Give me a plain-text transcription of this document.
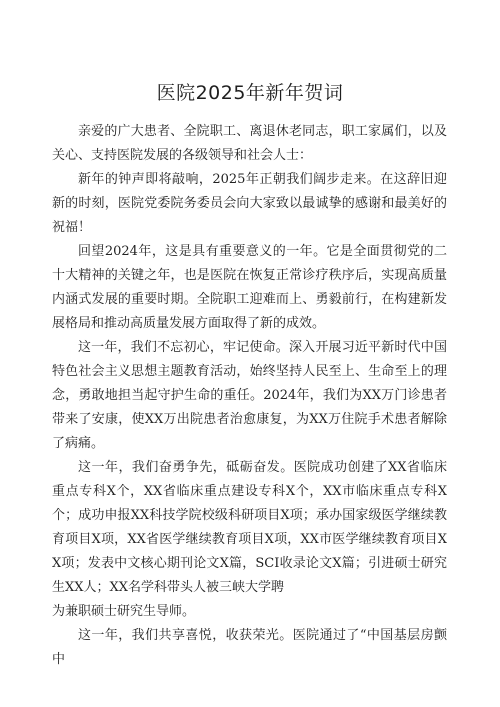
医院2025年新年贺词

亲爱的广大患者、全院职工、离退休老同志，职工家属们，以及关心、支持医院发展的各级领导和社会人士：

新年的钟声即将敲响，2025年正朝我们阔步走来。在这辞旧迎新的时刻，医院党委院务委员会向大家致以最诚挚的感谢和最美好的祝福！

回望2024年，这是具有重要意义的一年。它是全面贯彻党的二十大精神的关键之年，也是医院在恢复正常诊疗秩序后，实现高质量内涵式发展的重要时期。全院职工迎难而上、勇毅前行，在构建新发展格局和推动高质量发展方面取得了新的成效。

这一年，我们不忘初心，牢记使命。深入开展习近平新时代中国特色社会主义思想主题教育活动，始终坚持人民至上、生命至上的理念，勇敢地担当起守护生命的重任。2024年，我们为XX万门诊患者带来了安康，使XX万出院患者治愈康复，为XX万住院手术患者解除了病痛。

这一年，我们奋勇争先，砥砺奋发。医院成功创建了XX省临床重点专科X个，XX省临床重点建设专科X个，XX市临床重点专科X个；成功申报XX科技学院校级科研项目X项；承办国家级医学继续教育项目X项，XX省医学继续教育项目X项，XX市医学继续教育项目XX项；发表中文核心期刊论文X篇，SCI收录论文X篇；引进硕士研究生XX人；XX名学科带头人被三峡大学聘

为兼职硕士研究生导师。

这一年，我们共享喜悦，收获荣光。医院通过了“中国基层房颤中
